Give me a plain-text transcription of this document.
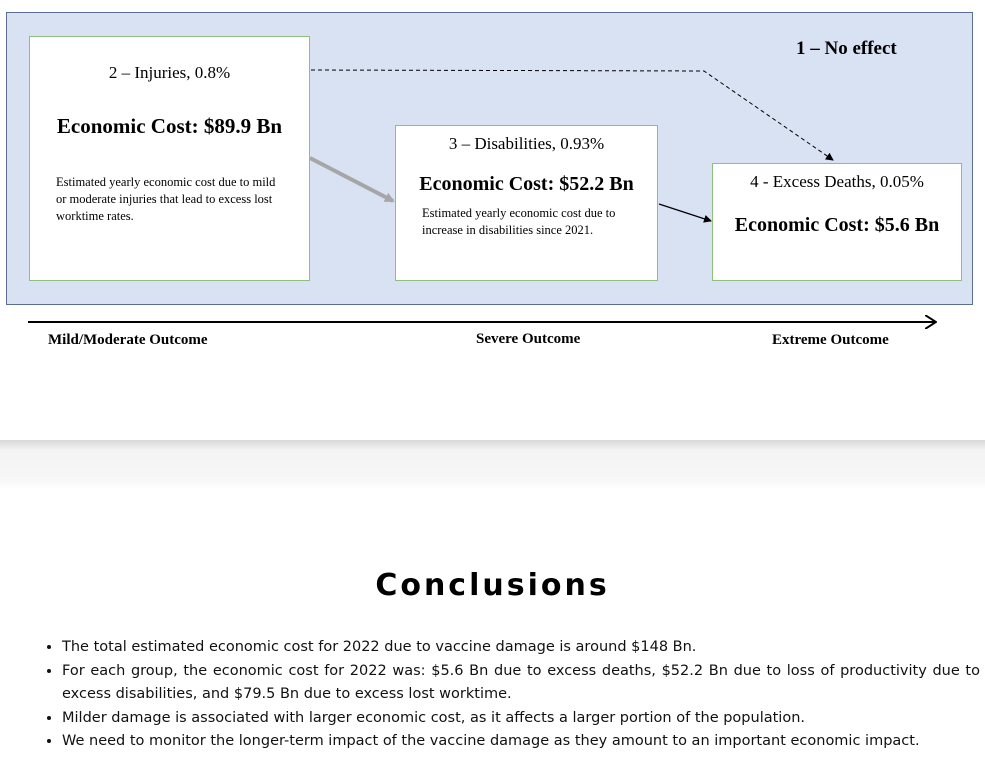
1 – No effect
2 – Injuries, 0.8%
Economic Cost: $89.9 Bn
Estimated yearly economic cost due to mild or moderate injuries that lead to excess lost worktime rates.
3 – Disabilities, 0.93%
Economic Cost: $52.2 Bn
Estimated yearly economic cost due to increase in disabilities since 2021.
4 - Excess Deaths, 0.05%
Economic Cost: $5.6 Bn
Mild/Moderate Outcome	Severe Outcome	Extreme Outcome
Conclusions
• The total estimated economic cost for 2022 due to vaccine damage is around $148 Bn.
• For each group, the economic cost for 2022 was: $5.6 Bn due to excess deaths, $52.2 Bn due to loss of productivity due to excess disabilities, and $79.5 Bn due to excess lost worktime.
• Milder damage is associated with larger economic cost, as it affects a larger portion of the population.
• We need to monitor the longer-term impact of the vaccine damage as they amount to an important economic impact.
